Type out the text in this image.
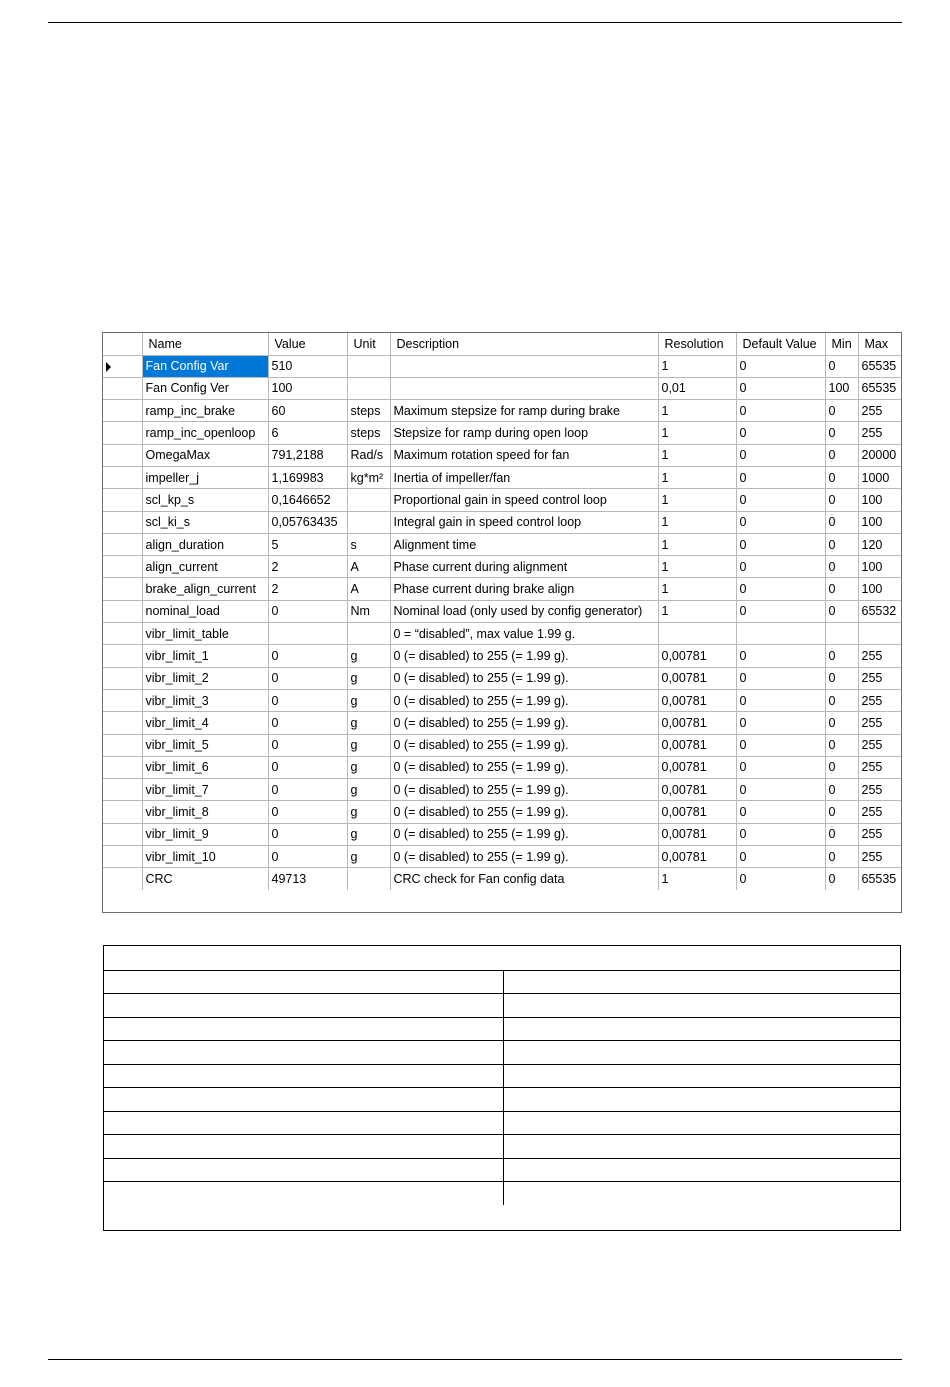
	Name	Value	Unit	Description	Resolution	Default Value	Min	Max

	Fan Config Var	510			1	0	0	65535
	Fan Config Ver	100			0,01	0	100	65535
	ramp_inc_brake	60	steps	Maximum stepsize for ramp during brake	1	0	0	255
	ramp_inc_openloop	6	steps	Stepsize for ramp during open loop	1	0	0	255
	OmegaMax	791,2188	Rad/s	Maximum rotation speed for fan	1	0	0	20000
	impeller_j	1,169983	kg*m²	Inertia of impeller/fan	1	0	0	1000
	scl_kp_s	0,1646652		Proportional gain in speed control loop	1	0	0	100
	scl_ki_s	0,05763435		Integral gain in speed control loop	1	0	0	100
	align_duration	5	s	Alignment time	1	0	0	120
	align_current	2	A	Phase current during alignment	1	0	0	100
	brake_align_current	2	A	Phase current during brake align	1	0	0	100
	nominal_load	0	Nm	Nominal load (only used by config generator)	1	0	0	65532
	vibr_limit_table			0 = “disabled”, max value 1.99 g.				
	vibr_limit_1	0	g	0 (= disabled) to 255 (= 1.99 g).	0,00781	0	0	255
	vibr_limit_2	0	g	0 (= disabled) to 255 (= 1.99 g).	0,00781	0	0	255
	vibr_limit_3	0	g	0 (= disabled) to 255 (= 1.99 g).	0,00781	0	0	255
	vibr_limit_4	0	g	0 (= disabled) to 255 (= 1.99 g).	0,00781	0	0	255
	vibr_limit_5	0	g	0 (= disabled) to 255 (= 1.99 g).	0,00781	0	0	255
	vibr_limit_6	0	g	0 (= disabled) to 255 (= 1.99 g).	0,00781	0	0	255
	vibr_limit_7	0	g	0 (= disabled) to 255 (= 1.99 g).	0,00781	0	0	255
	vibr_limit_8	0	g	0 (= disabled) to 255 (= 1.99 g).	0,00781	0	0	255
	vibr_limit_9	0	g	0 (= disabled) to 255 (= 1.99 g).	0,00781	0	0	255
	vibr_limit_10	0	g	0 (= disabled) to 255 (= 1.99 g).	0,00781	0	0	255
	CRC	49713		CRC check for Fan config data	1	0	0	65535
